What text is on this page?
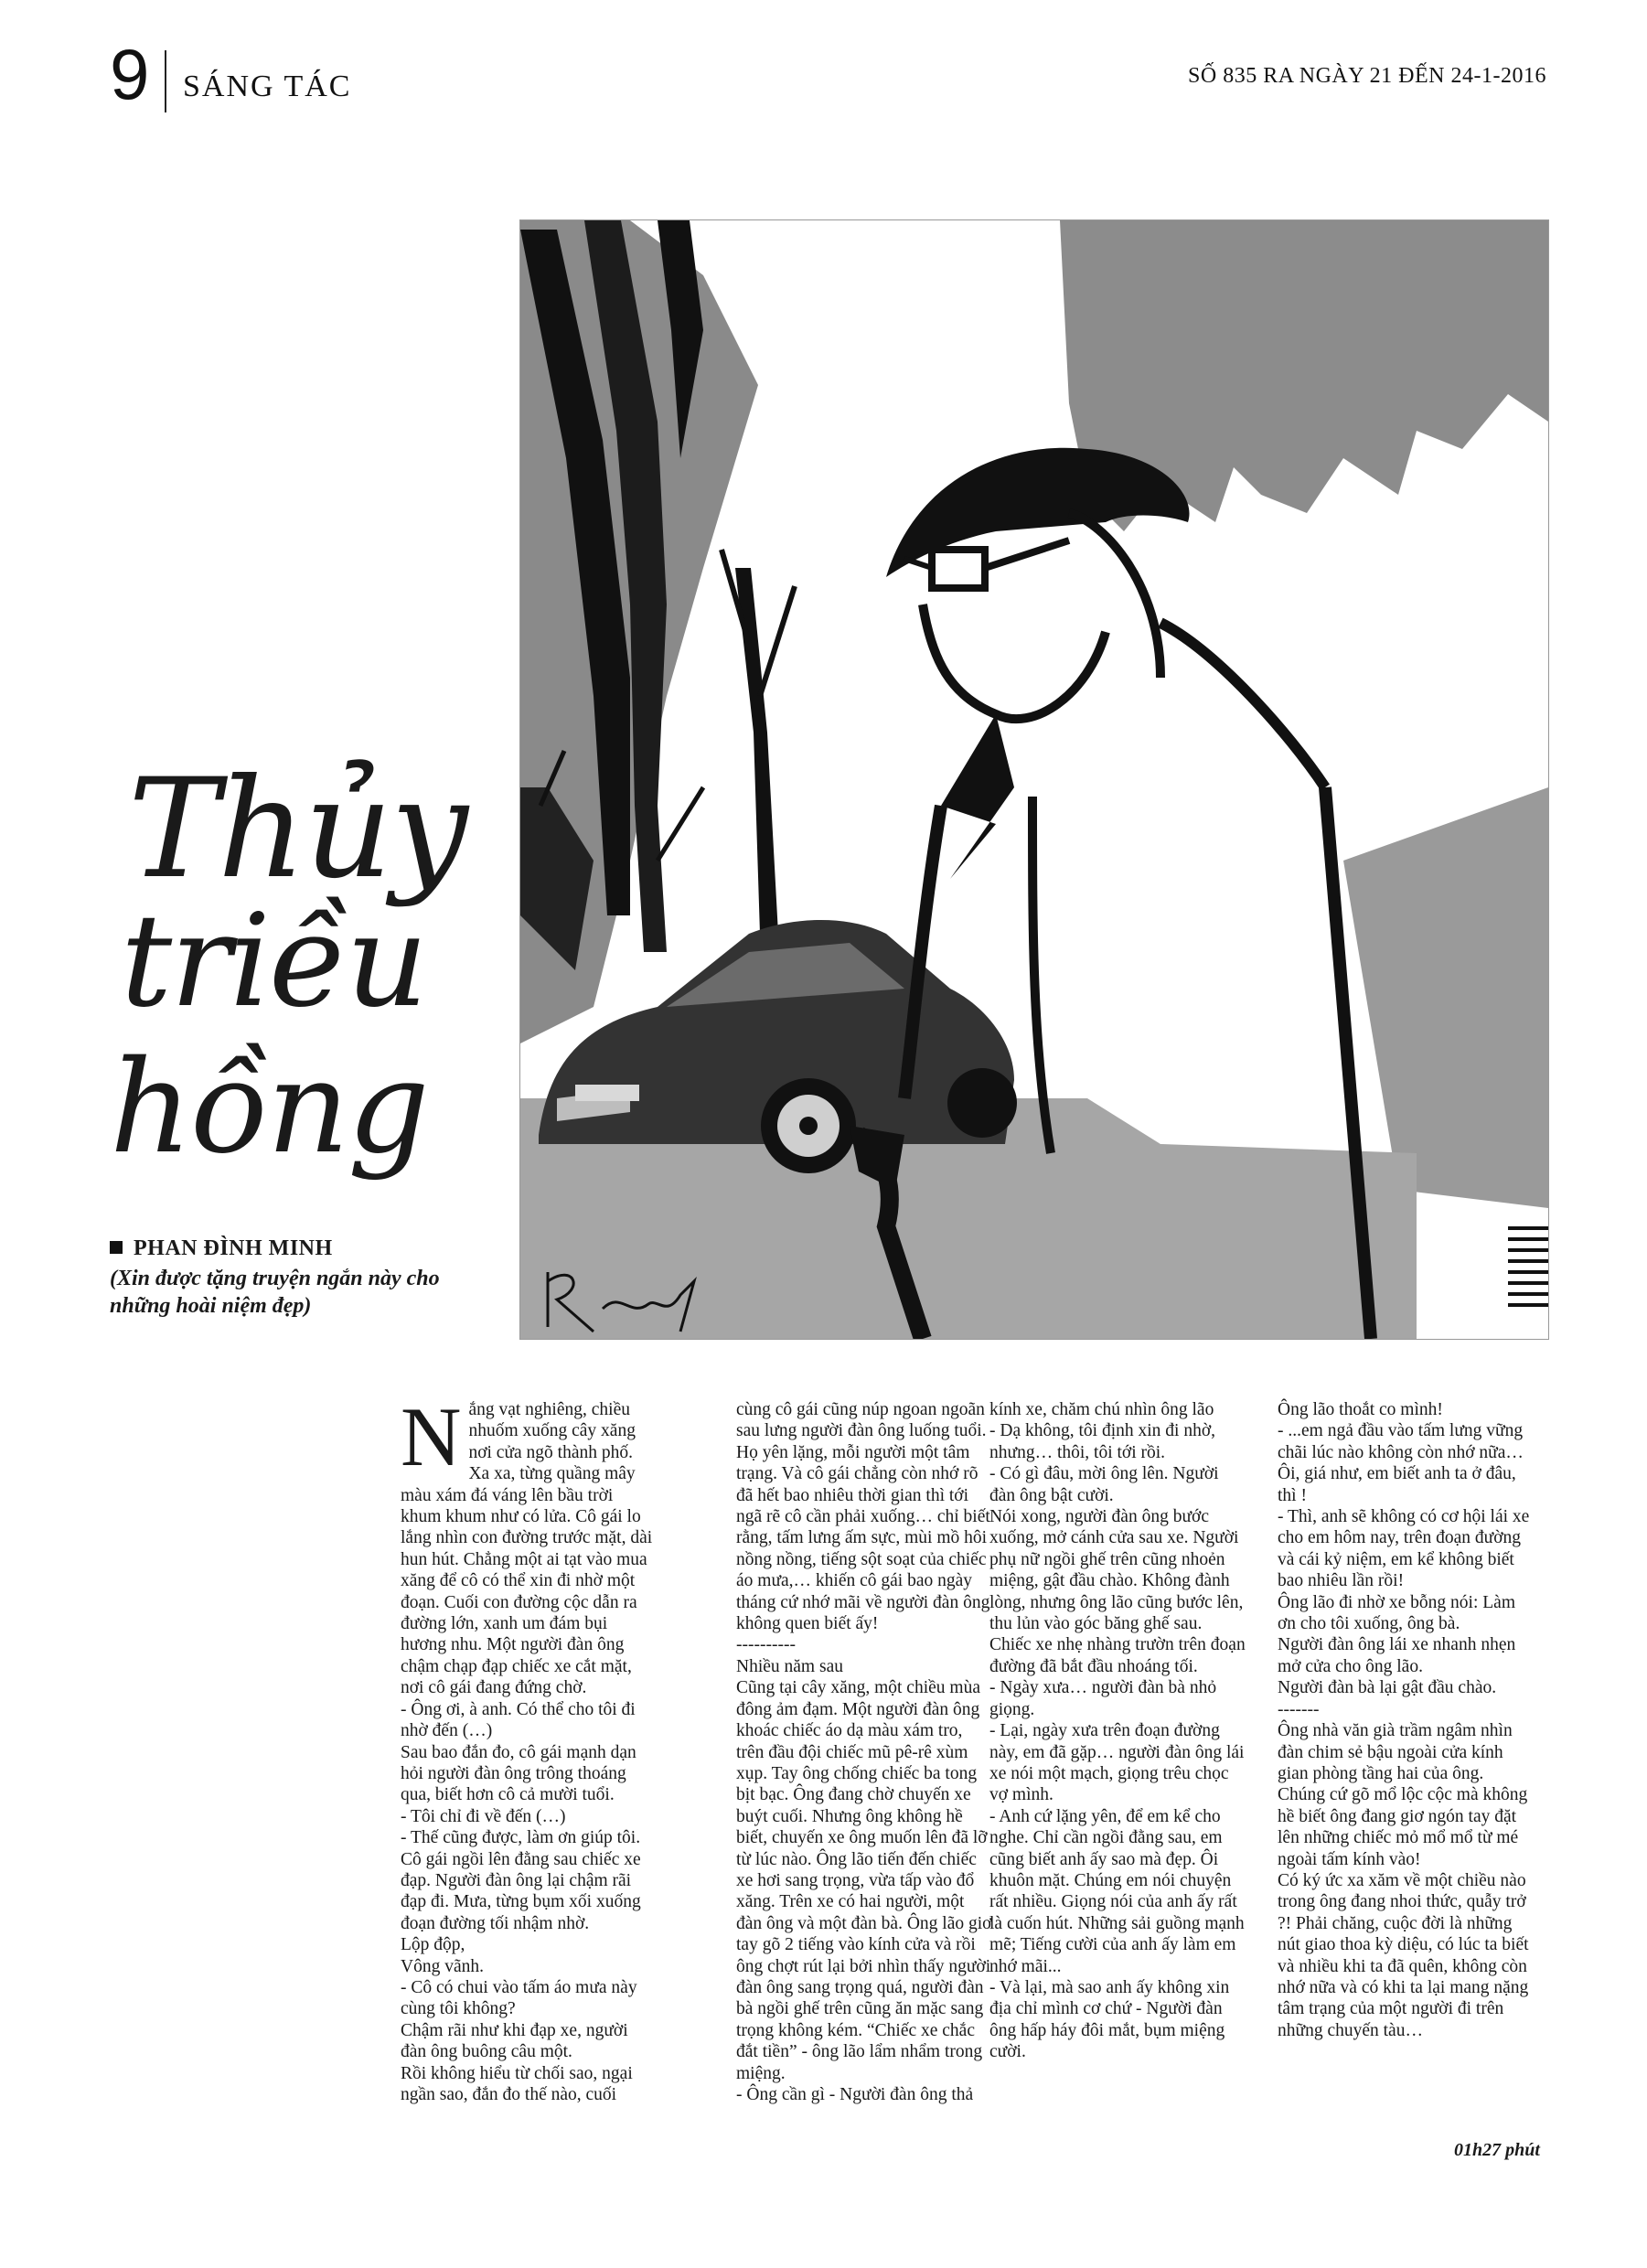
9 SÁNG TÁC	SỐ 835 RA NGÀY 21 ĐẾN 24-1-2016
Thủy
triều
hồng
PHAN ĐÌNH MINH
(Xin được tặng truyện ngắn này cho những hoài niệm đẹp)

Nắng vạt nghiêng, chiều nhuốm xuống cây xăng nơi cửa ngõ thành phố. Xa xa, từng quầng mây màu xám đá váng lên bầu trời khum khum như có lửa. Cô gái lo lắng nhìn con đường trước mặt, dài hun hút. Chẳng một ai tạt vào mua xăng để cô có thể xin đi nhờ một đoạn. Cuối con đường cộc dẫn ra đường lớn, xanh um đám bụi hương nhu. Một người đàn ông chậm chạp đạp chiếc xe cắt mặt, nơi cô gái đang đứng chờ.

- Ông ơi, à anh. Có thể cho tôi đi nhờ đến (…)

Sau bao đắn đo, cô gái mạnh dạn hỏi người đàn ông trông thoáng qua, biết hơn cô cả mười tuổi.

- Tôi chỉ đi về đến (…)

- Thế cũng được, làm ơn giúp tôi.

Cô gái ngồi lên đằng sau chiếc xe đạp. Người đàn ông lại chậm rãi đạp đi. Mưa, từng bụm xối xuống đoạn đường tối nhậm nhờ.

Lộp độp,

Vông vãnh.

- Cô có chui vào tấm áo mưa này cùng tôi không?

Chậm rãi như khi đạp xe, người đàn ông buông câu một.

Rồi không hiểu từ chối sao, ngại ngần sao, đắn đo thế nào, cuối

cùng cô gái cũng núp ngoan ngoãn sau lưng người đàn ông luống tuổi. Họ yên lặng, mỗi người một tâm trạng. Và cô gái chẳng còn nhớ rõ đã hết bao nhiêu thời gian thì tới ngã rẽ cô cần phải xuống… chỉ biết rằng, tấm lưng ấm sực, mùi mồ hôi nồng nồng, tiếng sột soạt của chiếc áo mưa,… khiến cô gái bao ngày tháng cứ nhớ mãi về người đàn ông không quen biết ấy!

----------

Nhiều năm sau

Cũng tại cây xăng, một chiều mùa đông ảm đạm. Một người đàn ông khoác chiếc áo dạ màu xám tro, trên đầu đội chiếc mũ pê-rê xùm xụp. Tay ông chống chiếc ba tong bịt bạc. Ông đang chờ chuyến xe buýt cuối. Nhưng ông không hề biết, chuyến xe ông muốn lên đã lỡ từ lúc nào. Ông lão tiến đến chiếc xe hơi sang trọng, vừa tấp vào đổ xăng. Trên xe có hai người, một đàn ông và một đàn bà. Ông lão giơ tay gõ 2 tiếng vào kính cửa và rồi ông chợt rút lại bởi nhìn thấy người đàn ông sang trọng quá, người đàn bà ngồi ghế trên cũng ăn mặc sang trọng không kém. “Chiếc xe chắc đắt tiền” - ông lão lẩm nhẩm trong miệng.

- Ông cần gì - Người đàn ông thả

kính xe, chăm chú nhìn ông lão

- Dạ không, tôi định xin đi nhờ, nhưng… thôi, tôi tới rồi.

- Có gì đâu, mời ông lên. Người đàn ông bật cười.

Nói xong, người đàn ông bước xuống, mở cánh cửa sau xe. Người phụ nữ ngồi ghế trên cũng nhoẻn miệng, gật đầu chào. Không đành lòng, nhưng ông lão cũng bước lên, thu lủn vào góc băng ghế sau.

Chiếc xe nhẹ nhàng trườn trên đoạn đường đã bắt đầu nhoáng tối.

- Ngày xưa… người đàn bà nhỏ giọng.

- Lại, ngày xưa trên đoạn đường này, em đã gặp… người đàn ông lái xe nói một mạch, giọng trêu chọc vợ mình.

- Anh cứ lặng yên, để em kể cho nghe. Chỉ cần ngồi đằng sau, em cũng biết anh ấy sao mà đẹp. Ôi khuôn mặt. Chúng em nói chuyện rất nhiều. Giọng nói của anh ấy rất là cuốn hút. Những sải guồng mạnh mẽ; Tiếng cười của anh ấy làm em nhớ mãi...

- Và lại, mà sao anh ấy không xin địa chỉ mình cơ chứ - Người đàn ông hấp háy đôi mắt, bụm miệng cười.

Ông lão thoắt co mình!

- ...em ngả đầu vào tấm lưng vững chãi lúc nào không còn nhớ nữa… Ôi, giá như, em biết anh ta ở đâu, thì !

- Thì, anh sẽ không có cơ hội lái xe cho em hôm nay, trên đoạn đường và cái kỷ niệm, em kể không biết bao nhiêu lần rồi!

Ông lão đi nhờ xe bỗng nói: Làm ơn cho tôi xuống, ông bà.

Người đàn ông lái xe nhanh nhẹn mở cửa cho ông lão.

Người đàn bà lại gật đầu chào.

-------

Ông nhà văn già trầm ngâm nhìn đàn chim sẻ bậu ngoài cửa kính gian phòng tầng hai của ông. Chúng cứ gõ mổ lộc cộc mà không hề biết ông đang giơ ngón tay đặt lên những chiếc mỏ mổ mổ từ mé ngoài tấm kính vào!

Có ký ức xa xăm về một chiều nào trong ông đang nhoi thức, quẫy trở ?! Phải chăng, cuộc đời là những nút giao thoa kỳ diệu, có lúc ta biết và nhiều khi ta đã quên, không còn nhớ nữa và có khi ta lại mang nặng tâm trạng của một người đi trên những chuyến tàu…

01h27 phút
